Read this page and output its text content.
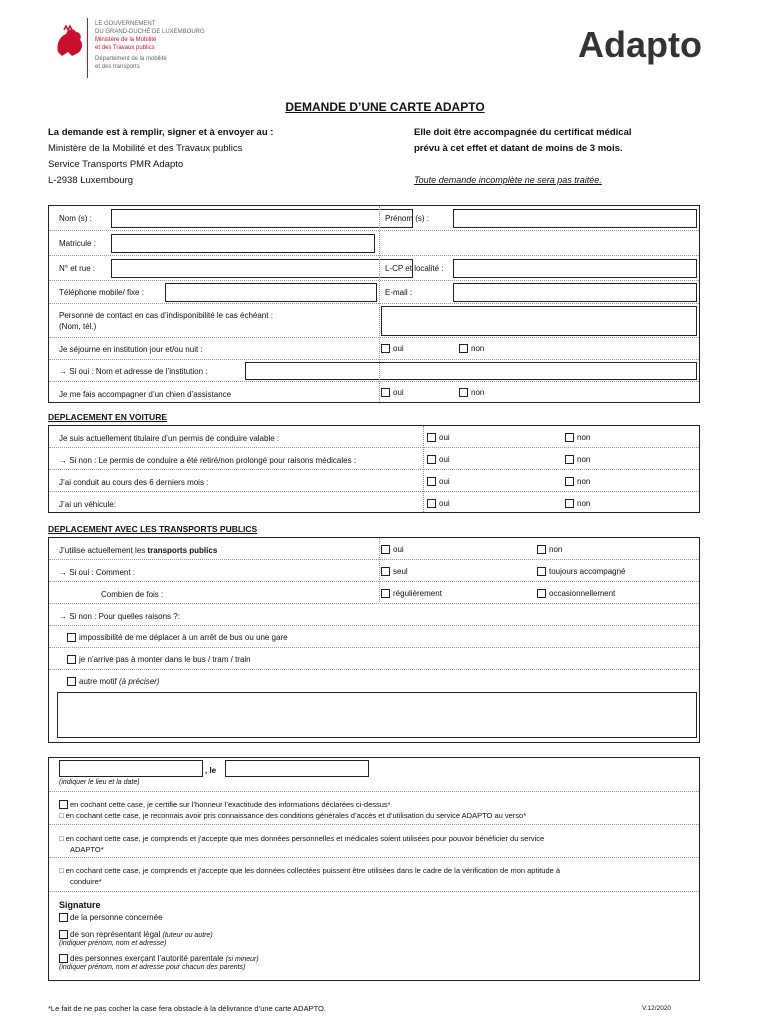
LE GOUVERNEMENT
DU GRAND-DUCHÉ DE LUXEMBOURG
Ministère de la Mobilité
et des Travaux publics
Département de la mobilité
et des transports
Adapto
DEMANDE D’UNE CARTE ADAPTO
La demande est à remplir, signer et à envoyer au :
Ministère de la Mobilité et des Travaux publics
Service Transports PMR Adapto
L-2938 Luxembourg
Elle doit être accompagnée du certificat médical
prévu à cet effet et datant de moins de 3 mois.
Toute demande incomplète ne sera pas traitée.
Nom (s) :	Prénom (s) :
Matricule :
N° et rue :	L-CP et localité :
Téléphone mobile/ fixe :	E-mail :
Personne de contact en cas d’indisponibilité le cas échéant :
(Nom, tél.)
Je séjourne en institution jour et/ou nuit :	oui	non
→ Si oui : Nom et adresse de l’institution :
Je me fais accompagner d’un chien d’assistance	oui	non
DEPLACEMENT EN VOITURE
Je suis actuellement titulaire d’un permis de conduire valable :	oui	non
→ Si non : Le permis de conduire a été retiré/non prolongé pour raisons médicales :	oui	non
J’ai conduit au cours des 6 derniers mois :	oui	non
J’ai un véhicule:	oui	non
DEPLACEMENT AVEC LES TRANSPORTS PUBLICS
J’utilise actuellement les transports publics	oui	non
→ Si oui : Comment :	seul	toujours accompagné
Combien de fois :	régulièrement	occasionnellement
→ Si non : Pour quelles raisons ?:
impossibilité de me déplacer à un arrêt de bus ou une gare
je n’arrive pas à monter dans le bus / tram / train
autre motif (à préciser)
, le
(indiquer le lieu et la date)
en cochant cette case, je certifie sur l’honneur l’exactitude des informations déclarées ci-dessus*
□ en cochant cette case, je reconnais avoir pris connaissance des conditions générales d’accès et d’utilisation du service ADAPTO au verso*
□ en cochant cette case, je comprends et j’accepte que mes données personnelles et médicales soient utilisées pour pouvoir bénéficier du service
ADAPTO*
□ en cochant cette case, je comprends et j’accepte que les données collectées puissent être utilisées dans le cadre de la vérification de mon aptitude à
conduire*
Signature
de la personne concernée
de son représentant légal (tuteur ou autre)
(indiquer prénom, nom et adresse)
des personnes exerçant l’autorité parentale (si mineur)
(indiquer prénom, nom et adresse pour chacun des parents)
*Le fait de ne pas cocher la case fera obstacle à la délivrance d’une carte ADAPTO.	V.12/2020
